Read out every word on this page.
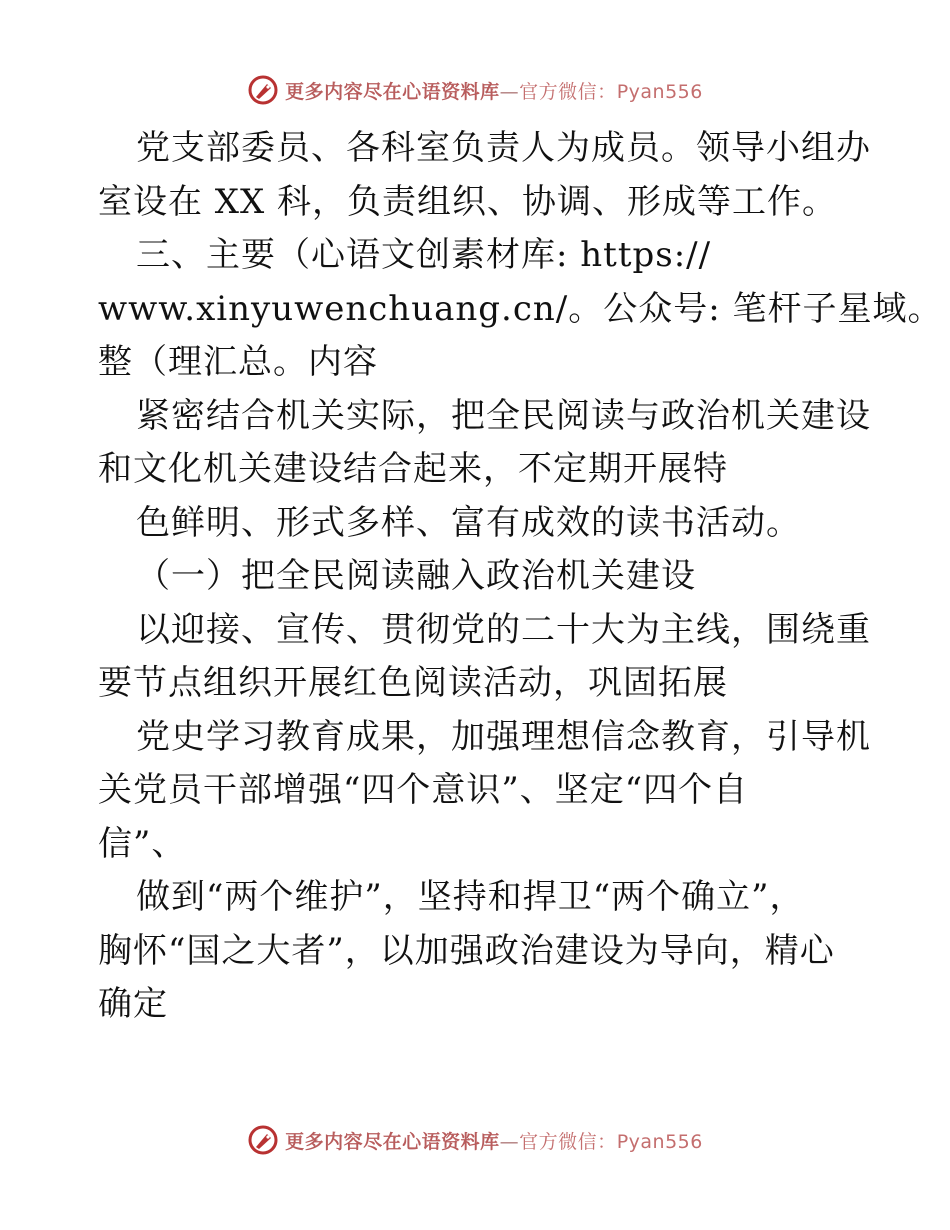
更多内容尽在心语资料库—官方微信：Pyan556
党支部委员、各科室负责人为成员。领导小组办
室设在 XX 科，负责组织、协调、形成等工作。
三、主要（心语文创素材库: https://
www.xinyuwenchuang.cn/。公众号: 笔杆子星域。
整（理汇总。内容
紧密结合机关实际，把全民阅读与政治机关建设
和文化机关建设结合起来，不定期开展特
色鲜明、形式多样、富有成效的读书活动。
（一）把全民阅读融入政治机关建设
以迎接、宣传、贯彻党的二十大为主线，围绕重
要节点组织开展红色阅读活动，巩固拓展
党史学习教育成果，加强理想信念教育，引导机
关党员干部增强“四个意识”、坚定“四个自
信”、
做到“两个维护”，坚持和捍卫“两个确立”，
胸怀“国之大者”，以加强政治建设为导向，精心
确定
更多内容尽在心语资料库—官方微信：Pyan556
